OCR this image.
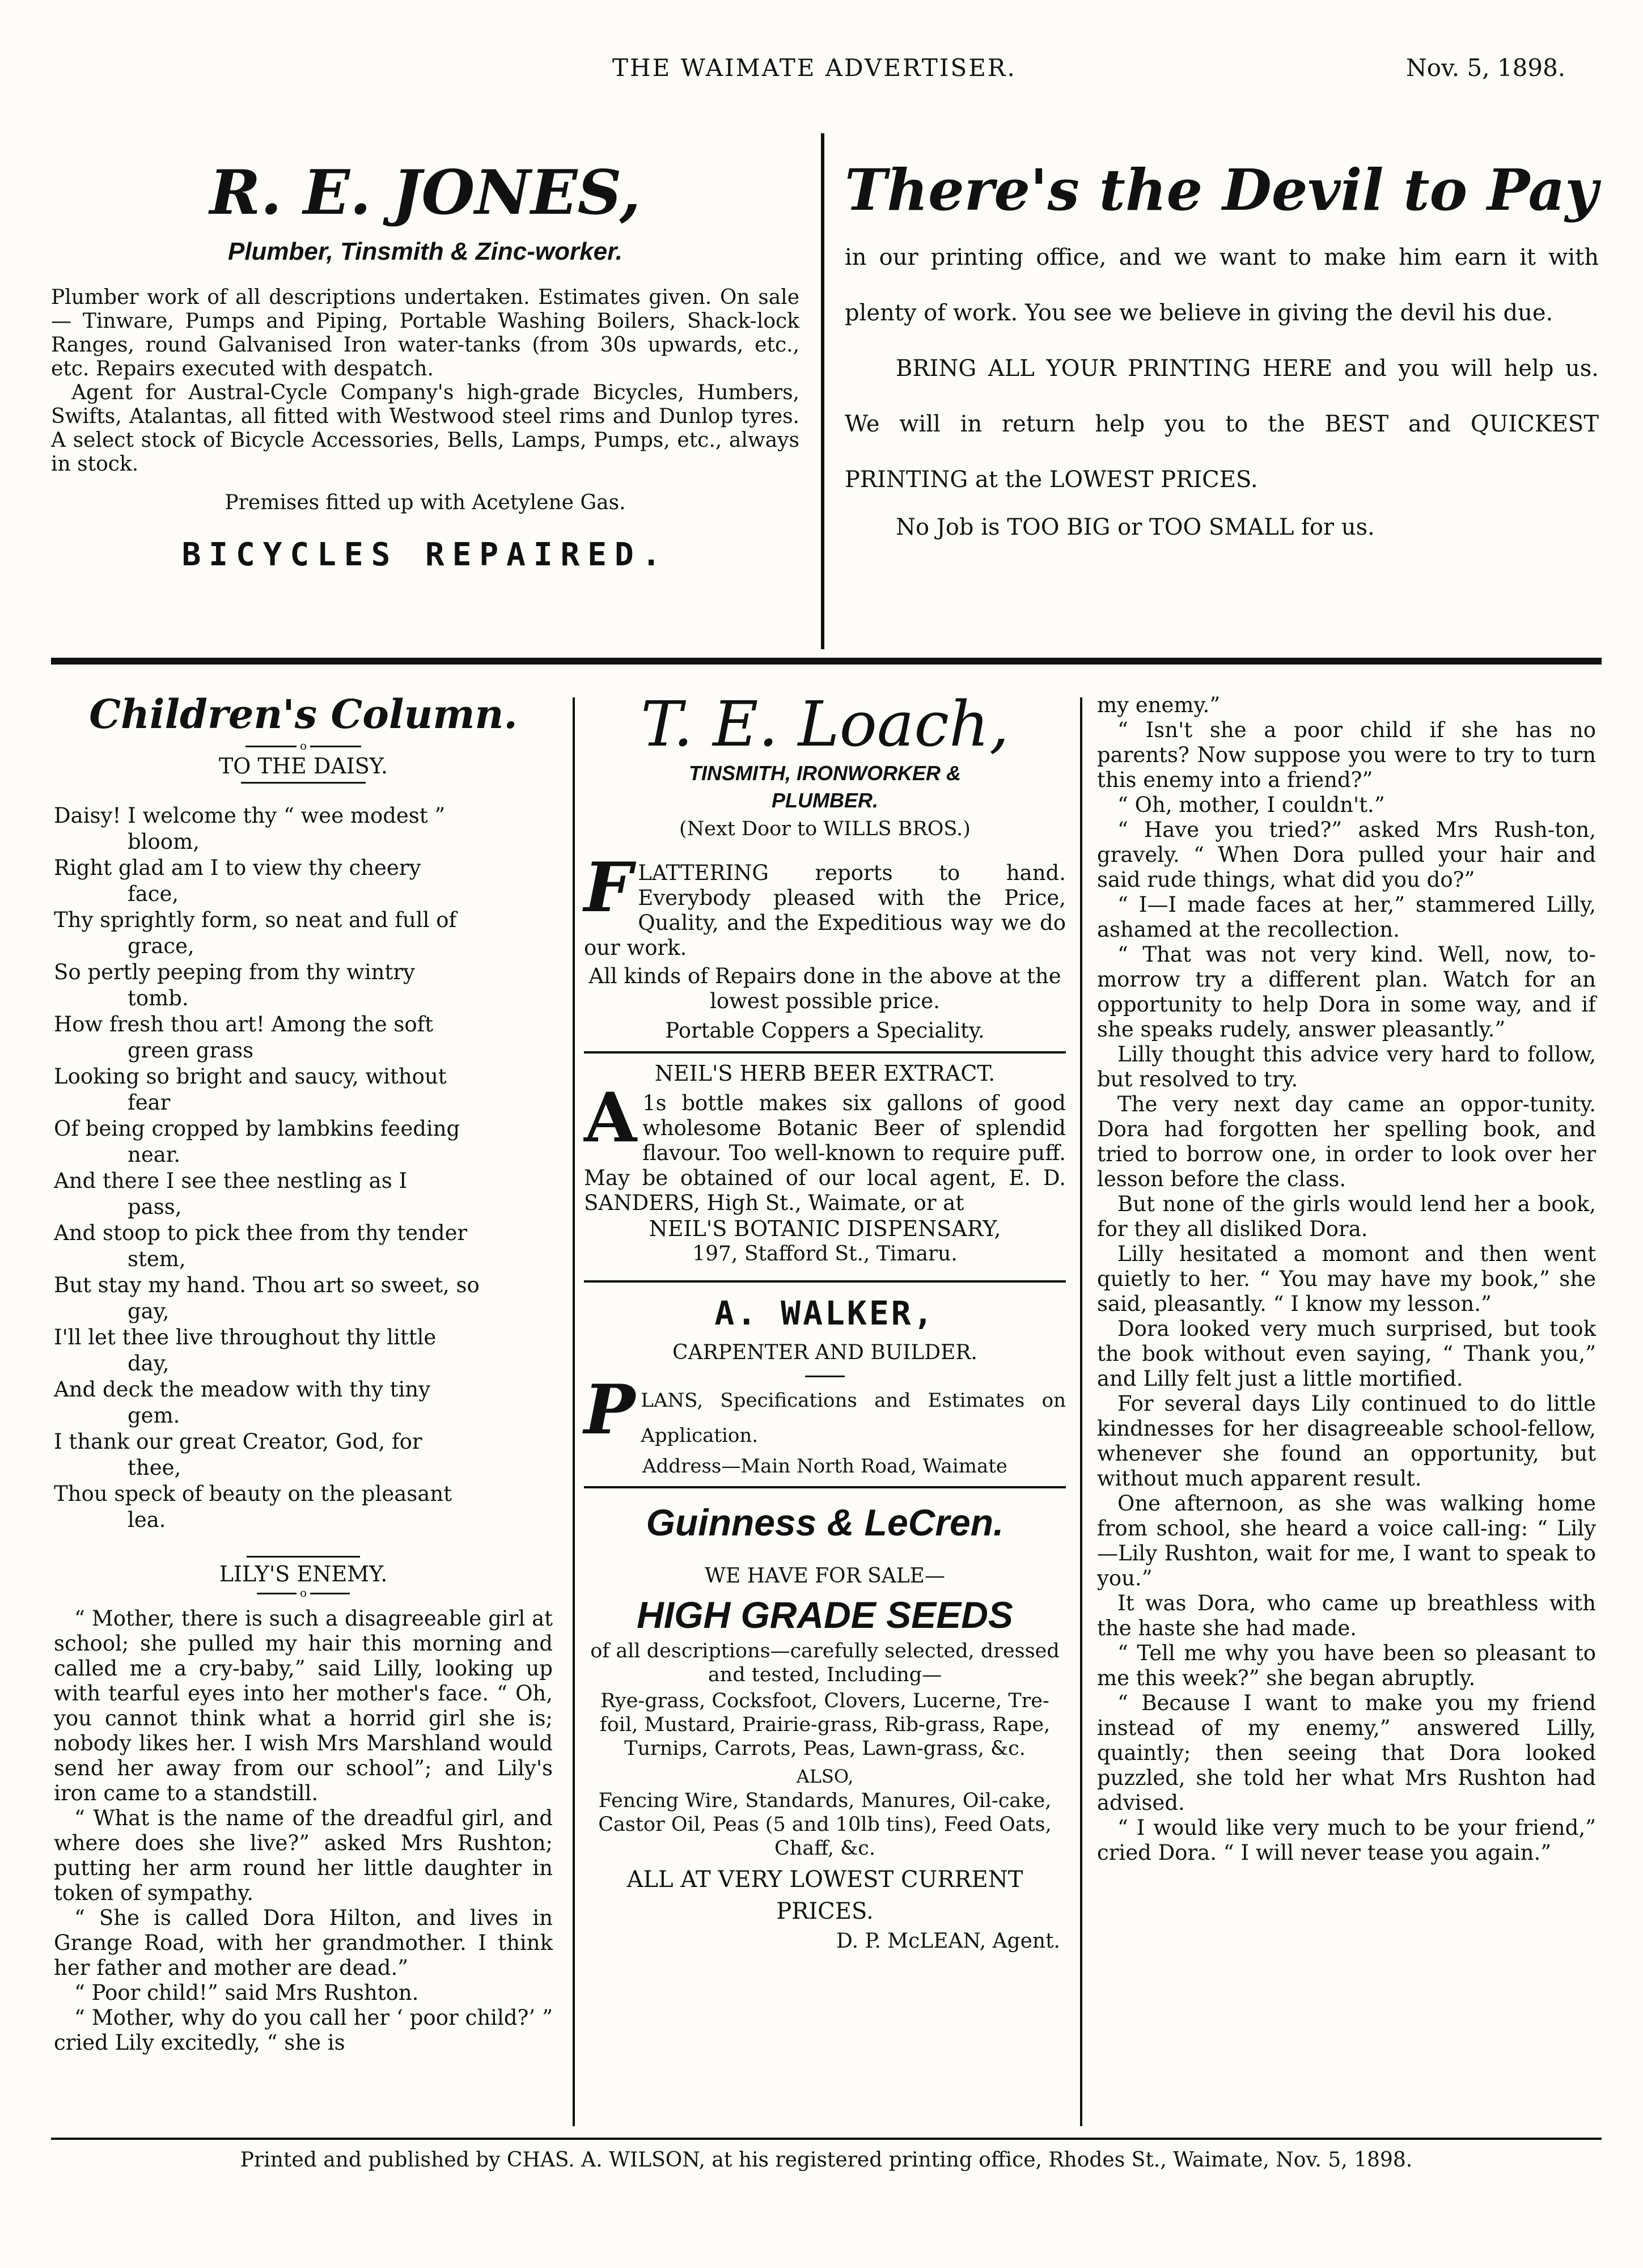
THE WAIMATE ADVERTISER.	Nov. 5, 1898.
R. E. JONES,
Plumber, Tinsmith & Zinc-worker.

Plumber work of all descriptions undertaken. Estimates given. On sale— Tinware, Pumps and Piping, Portable Washing Boilers, Shack-lock Ranges, round Galvanised Iron water-tanks (from 30s upwards, etc., etc. Repairs executed with despatch.

Agent for Austral-Cycle Company's high-grade Bicycles, Humbers, Swifts, Atalantas, all fitted with Westwood steel rims and Dunlop tyres. A select stock of Bicycle Accessories, Bells, Lamps, Pumps, etc., always in stock.

Premises fitted up with Acetylene Gas.
BICYCLES REPAIRED.
There's the Devil to Pay

in our printing office, and we want to make him earn it with plenty of work. You see we believe in giving the devil his due.

BRING ALL YOUR PRINTING HERE and you will help us. We will in return help you to the BEST and QUICKEST PRINTING at the LOWEST PRICES.

No Job is TOO BIG or TOO SMALL for us.

Children's Column.
o
TO THE DAISY.
Daisy! I welcome thy “ wee modest ”
bloom,
Right glad am I to view thy cheery
face,
Thy sprightly form, so neat and full of
grace,
So pertly peeping from thy wintry
tomb.
How fresh thou art! Among the soft
green grass
Looking so bright and saucy, without
fear
Of being cropped by lambkins feeding
near.
And there I see thee nestling as I
pass,
And stoop to pick thee from thy tender
stem,
But stay my hand. Thou art so sweet, so
gay,
I'll let thee live throughout thy little
day,
And deck the meadow with thy tiny
gem.
I thank our great Creator, God, for
thee,
Thou speck of beauty on the pleasant
lea.
LILY'S ENEMY.
o

“ Mother, there is such a disagreeable girl at school; she pulled my hair this morning and called me a cry-baby,” said Lilly, looking up with tearful eyes into her mother's face. “ Oh, you cannot think what a horrid girl she is; nobody likes her. I wish Mrs Marshland would send her away from our school”; and Lily's iron came to a standstill.

“ What is the name of the dreadful girl, and where does she live?” asked Mrs Rushton; putting her arm round her little daughter in token of sympathy.

“ She is called Dora Hilton, and lives in Grange Road, with her grandmother. I think her father and mother are dead.”

“ Poor child!” said Mrs Rushton.

“ Mother, why do you call her ‘ poor child?’ ” cried Lily excitedly, “ she is

T. E. Loach,
TINSMITH, IRONWORKER &
PLUMBER.
(Next Door to WILLS BROS.)
F LATTERING reports to hand. Everybody pleased with the Price, Quality, and the Expeditious way we do our work.

All kinds of Repairs done in the above at the lowest possible price.

Portable Coppers a Speciality.

NEIL'S HERB BEER EXTRACT.
A 1s bottle makes six gallons of good wholesome Botanic Beer of splendid flavour. Too well-known to require puff. May be obtained of our local agent, E. D. SANDERS, High St., Waimate, or at

NEIL'S BOTANIC DISPENSARY,
197, Stafford St., Timaru.
A. WALKER,
CARPENTER AND BUILDER.
P LANS, Specifications and Estimates on Application.

Address—Main North Road, Waimate
Guinness & LeCren.
WE HAVE FOR SALE—
HIGH GRADE SEEDS

of all descriptions—carefully selected, dressed and tested, Including—

Rye-grass, Cocksfoot, Clovers, Lucerne, Tre-foil, Mustard, Prairie-grass, Rib-grass, Rape, Turnips, Carrots, Peas, Lawn-grass, &c.

ALSO,

Fencing Wire, Standards, Manures, Oil-cake, Castor Oil, Peas (5 and 10lb tins), Feed Oats, Chaff, &c.

ALL AT VERY LOWEST CURRENT PRICES.

D. P. McLEAN, Agent.

my enemy.”

“ Isn't she a poor child if she has no parents? Now suppose you were to try to turn this enemy into a friend?”

“ Oh, mother, I couldn't.”

“ Have you tried?” asked Mrs Rush-ton, gravely. “ When Dora pulled your hair and said rude things, what did you do?”

“ I—I made faces at her,” stammered Lilly, ashamed at the recollection.

“ That was not very kind. Well, now, to-morrow try a different plan. Watch for an opportunity to help Dora in some way, and if she speaks rudely, answer pleasantly.”

Lilly thought this advice very hard to follow, but resolved to try.

The very next day came an oppor-tunity. Dora had forgotten her spelling book, and tried to borrow one, in order to look over her lesson before the class.

But none of the girls would lend her a book, for they all disliked Dora.

Lilly hesitated a momont and then went quietly to her. “ You may have my book,” she said, pleasantly. “ I know my lesson.”

Dora looked very much surprised, but took the book without even saying, “ Thank you,” and Lilly felt just a little mortified.

For several days Lily continued to do little kindnesses for her disagreeable school-fellow, whenever she found an opportunity, but without much apparent result.

One afternoon, as she was walking home from school, she heard a voice call-ing: “ Lily—Lily Rushton, wait for me, I want to speak to you.”

It was Dora, who came up breathless with the haste she had made.

“ Tell me why you have been so pleasant to me this week?” she began abruptly.

“ Because I want to make you my friend instead of my enemy,” answered Lilly, quaintly; then seeing that Dora looked puzzled, she told her what Mrs Rushton had advised.

“ I would like very much to be your friend,” cried Dora. “ I will never tease you again.”

Printed and published by CHAS. A. WILSON, at his registered printing office, Rhodes St., Waimate, Nov. 5, 1898.
